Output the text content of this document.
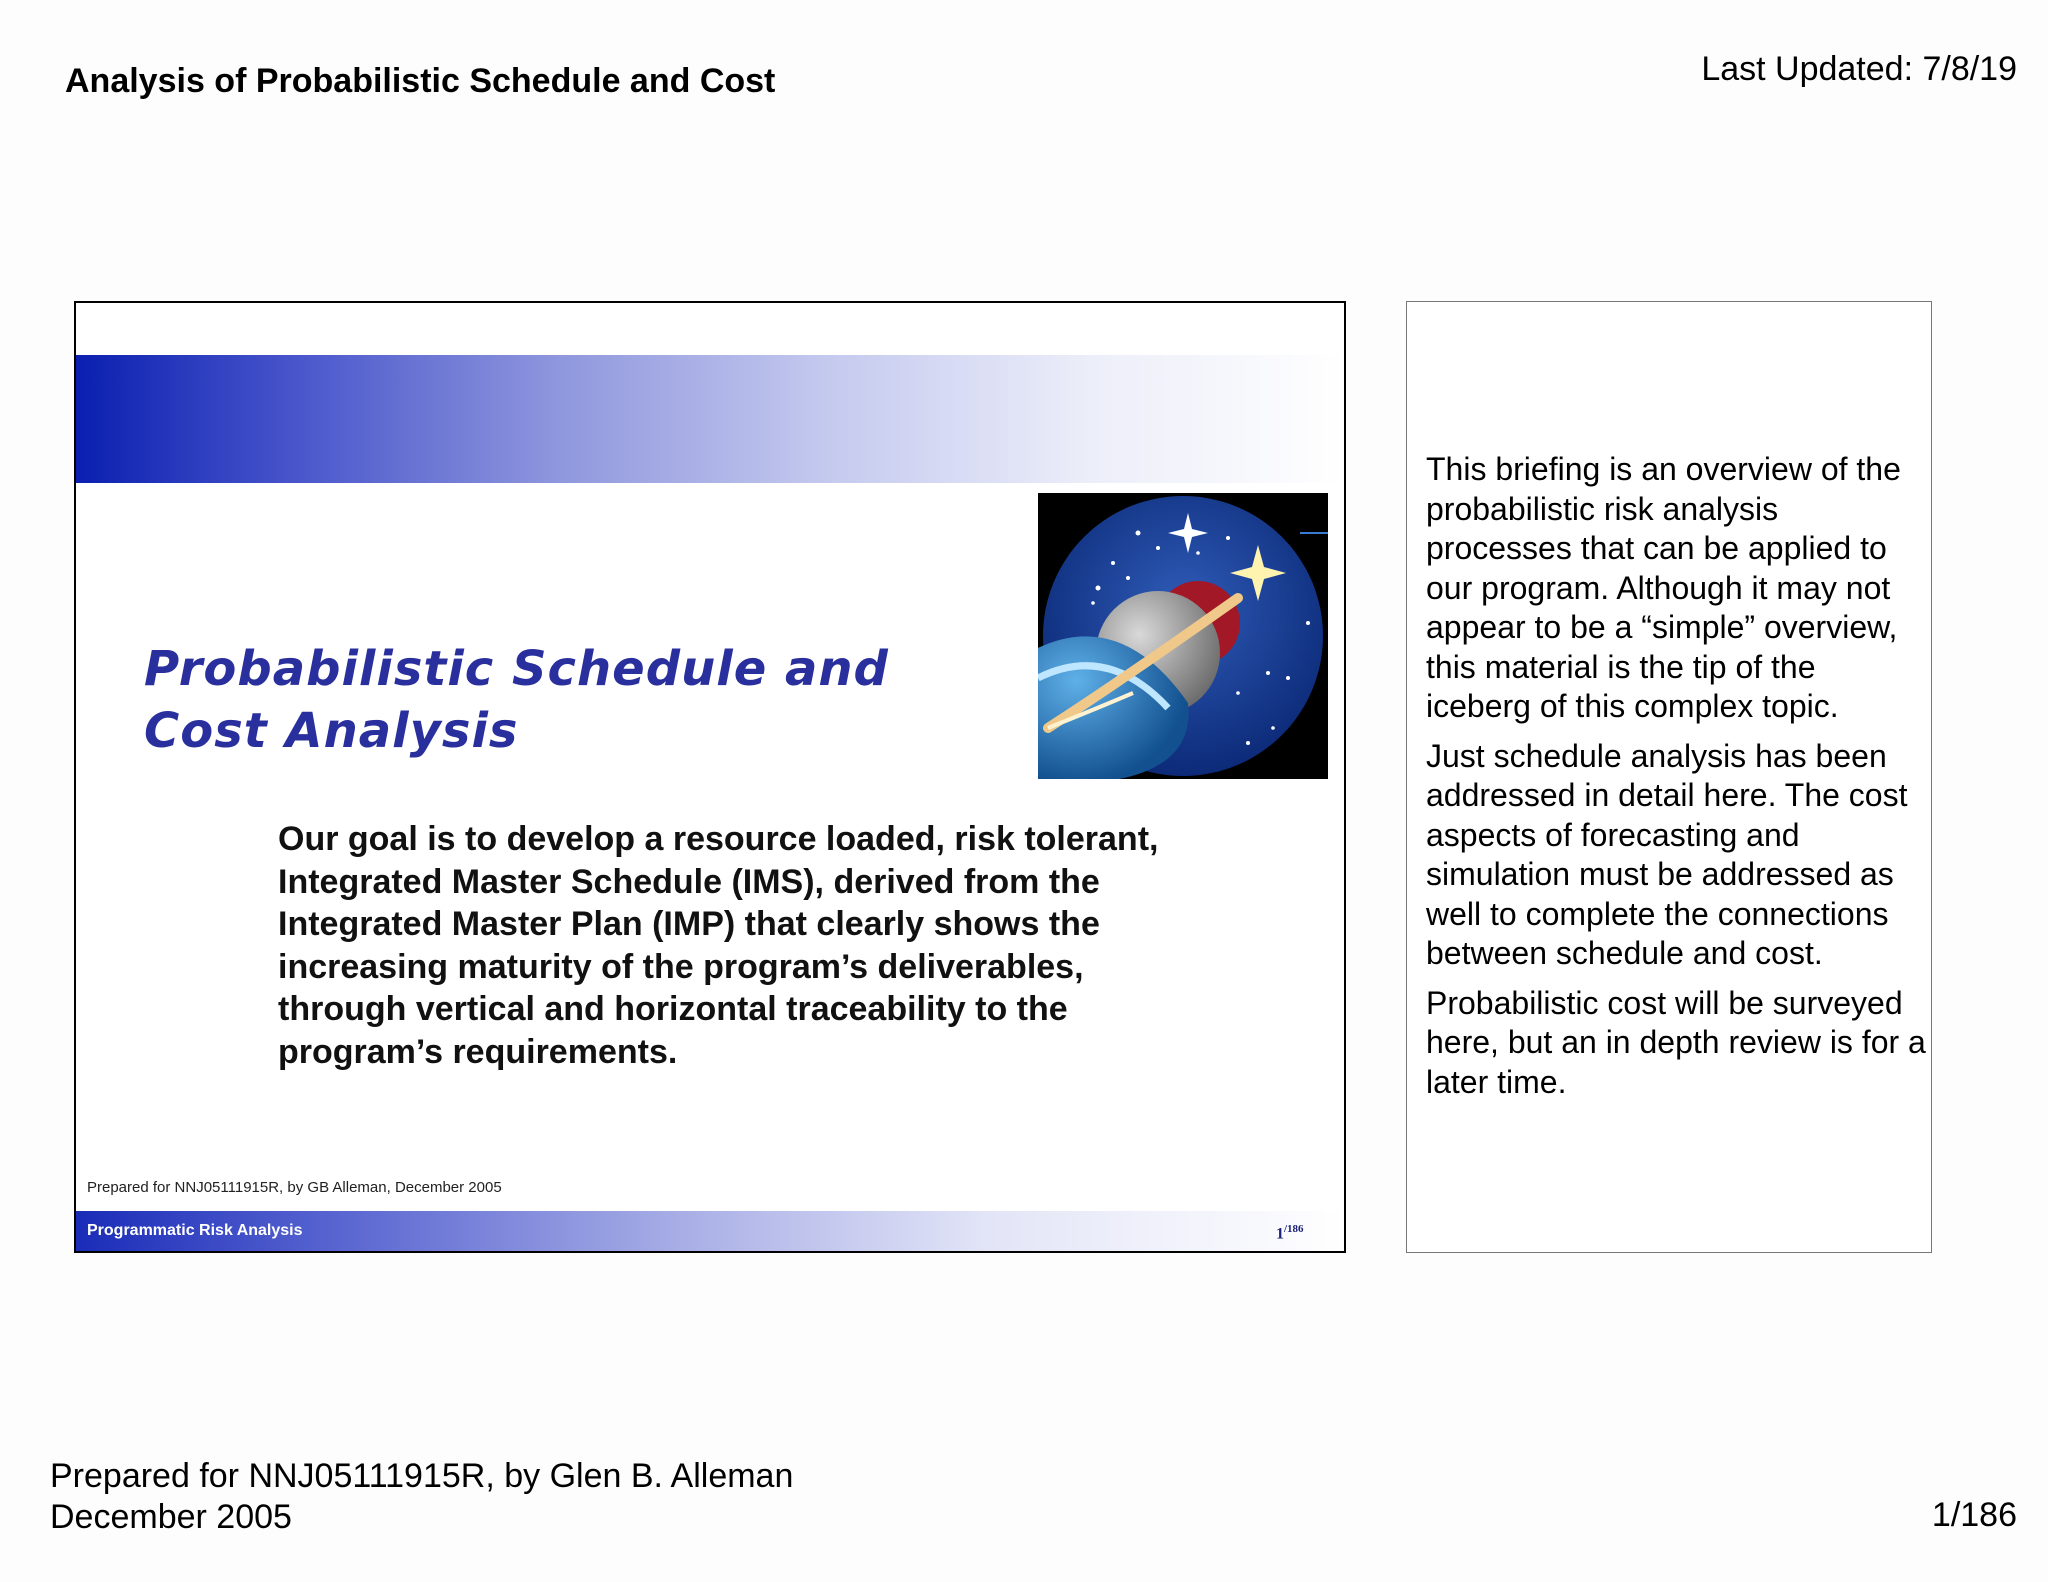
Analysis of Probabilistic Schedule and Cost	Last Updated: 7/8/19
Probabilistic Schedule and
Cost Analysis
Our goal is to develop a resource loaded, risk tolerant, Integrated Master Schedule (IMS), derived from the Integrated Master Plan (IMP) that clearly shows the increasing maturity of the program’s deliverables, through vertical and horizontal traceability to the program’s requirements.
Prepared for NNJ05111915R, by GB Alleman, December 2005
Programmatic Risk Analysis	$1^{/186}$

This briefing is an overview of the probabilistic risk analysis processes that can be applied to our program. Although it may not appear to be a “simple” overview, this material is the tip of the iceberg of this complex topic.

Just schedule analysis has been addressed in detail here. The cost aspects of forecasting and simulation must be addressed as well to complete the connections between schedule and cost.

Probabilistic cost will be surveyed here, but an in depth review is for a later time.

Prepared for NNJ05111915R, by Glen B. Alleman
December 2005	1/186
